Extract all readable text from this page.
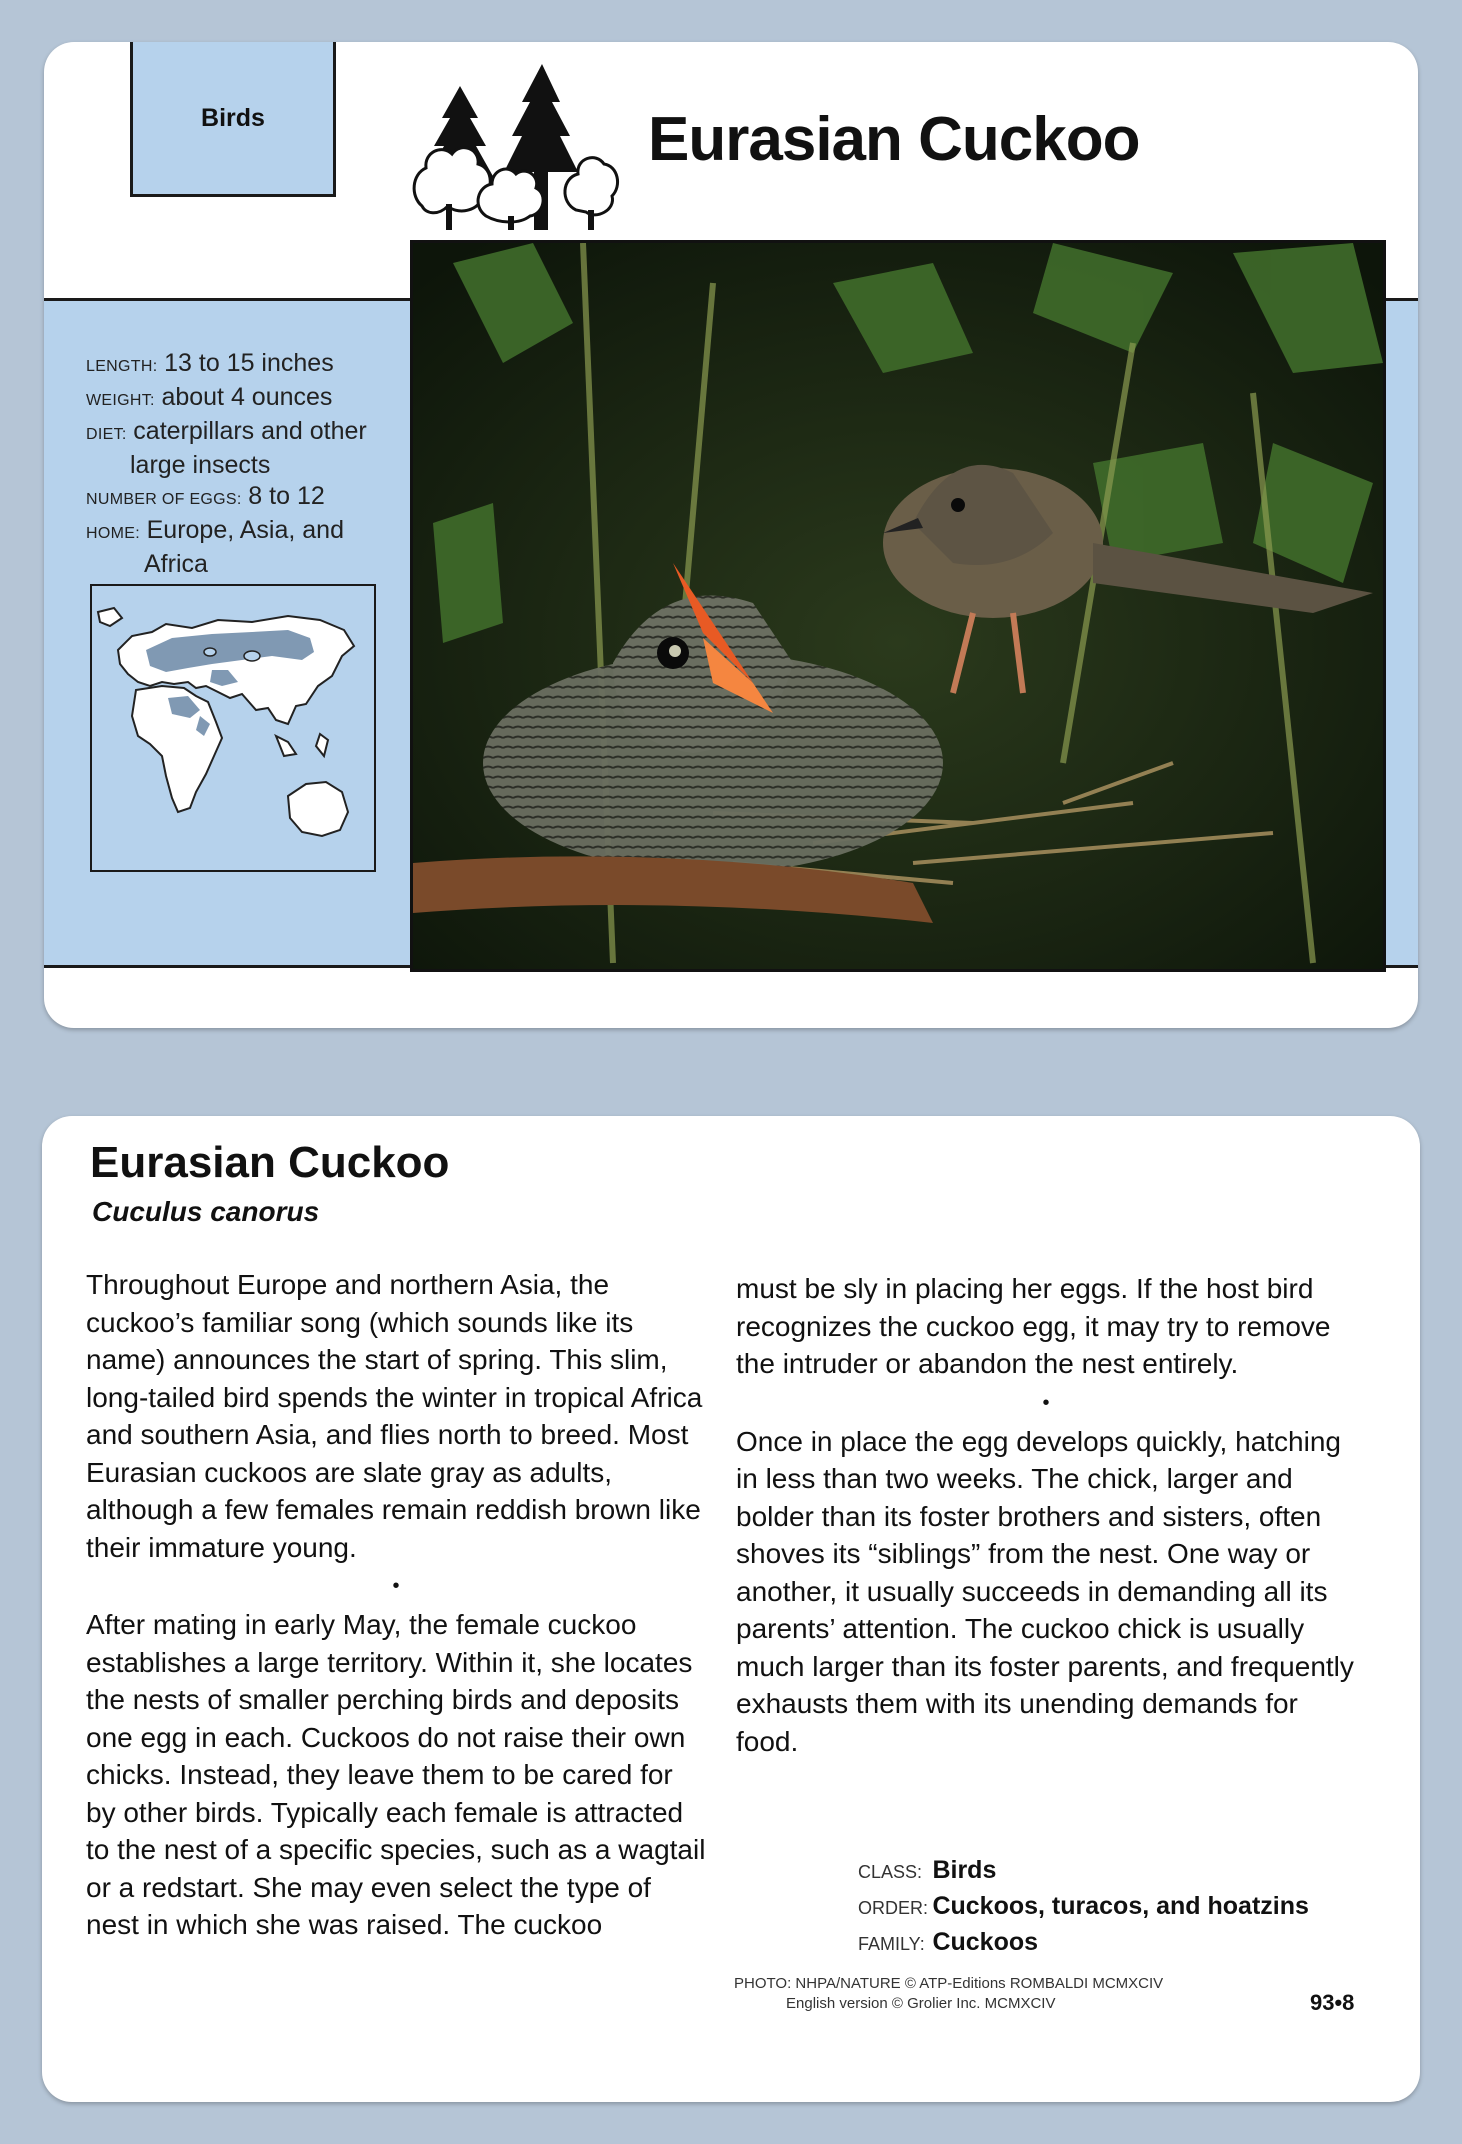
Birds	Eurasian Cuckoo
LENGTH: 13 to 15 inches
WEIGHT: about 4 ounces
DIET: caterpillars and other
large insects
NUMBER OF EGGS: 8 to 12
HOME: Europe, Asia, and
Africa
Eurasian Cuckoo
Cuculus canorus

Throughout Europe and northern Asia, the cuckoo’s familiar song (which sounds like its name) announces the start of spring. This slim, long-tailed bird spends the winter in tropical Africa and southern Asia, and flies north to breed. Most Eurasian cuckoos are slate gray as adults, although a few females remain reddish brown like their immature young.

•

After mating in early May, the female cuckoo establishes a large territory. Within it, she locates the nests of smaller perching birds and deposits one egg in each. Cuckoos do not raise their own chicks. Instead, they leave them to be cared for by other birds. Typically each female is attracted to the nest of a specific species, such as a wagtail or a redstart. She may even select the type of nest in which she was raised. The cuckoo

must be sly in placing her eggs. If the host bird recognizes the cuckoo egg, it may try to remove the intruder or abandon the nest entirely.

•

Once in place the egg develops quickly, hatching in less than two weeks. The chick, larger and bolder than its foster brothers and sisters, often shoves its “siblings” from the nest. One way or another, it usually succeeds in demanding all its parents’ attention. The cuckoo chick is usually much larger than its foster parents, and frequently exhausts them with its unending demands for food.

CLASS: Birds
ORDER: Cuckoos, turacos, and hoatzins
FAMILY: Cuckoos
PHOTO: NHPA/NATURE © ATP-Editions ROMBALDI MCMXCIV
English version © Grolier Inc. MCMXCIV	93•8
